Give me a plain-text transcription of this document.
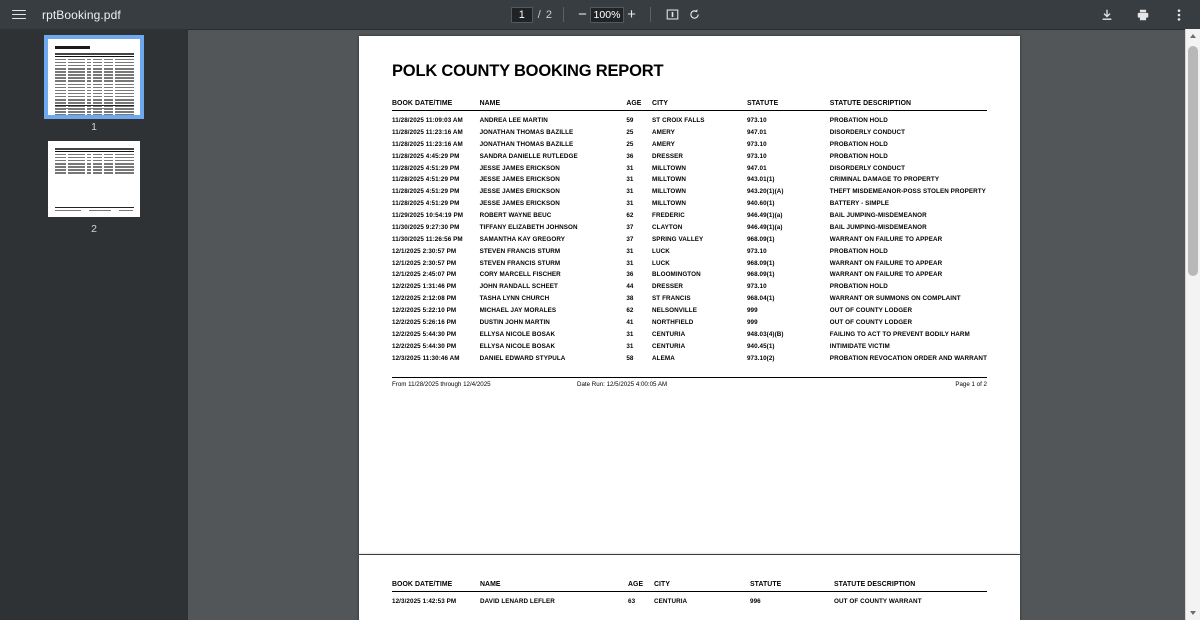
rptBooking.pdf	1	/ 2 − 100% +
1
2
POLK COUNTY BOOKING REPORT
BOOK DATE/TIME	NAME	AGE	CITY	STATUTE	STATUTE DESCRIPTION
11/28/2025 11:09:03 AM	ANDREA LEE MARTIN	59	ST CROIX FALLS	973.10	PROBATION HOLD
11/28/2025 11:23:16 AM	JONATHAN THOMAS BAZILLE	25	AMERY	947.01	DISORDERLY CONDUCT
11/28/2025 11:23:16 AM	JONATHAN THOMAS BAZILLE	25	AMERY	973.10	PROBATION HOLD
11/28/2025 4:45:29 PM	SANDRA DANIELLE RUTLEDGE	36	DRESSER	973.10	PROBATION HOLD
11/28/2025 4:51:29 PM	JESSE JAMES ERICKSON	31	MILLTOWN	947.01	DISORDERLY CONDUCT
11/28/2025 4:51:29 PM	JESSE JAMES ERICKSON	31	MILLTOWN	943.01(1)	CRIMINAL DAMAGE TO PROPERTY
11/28/2025 4:51:29 PM	JESSE JAMES ERICKSON	31	MILLTOWN	943.20(1)(A)	THEFT MISDEMEANOR-POSS STOLEN PROPERTY
11/28/2025 4:51:29 PM	JESSE JAMES ERICKSON	31	MILLTOWN	940.60(1)	BATTERY - SIMPLE
11/29/2025 10:54:19 PM	ROBERT WAYNE BEUC	62	FREDERIC	946.49(1)(a)	BAIL JUMPING-MISDEMEANOR
11/30/2025 9:27:30 PM	TIFFANY ELIZABETH JOHNSON	37	CLAYTON	946.49(1)(a)	BAIL JUMPING-MISDEMEANOR
11/30/2025 11:26:56 PM	SAMANTHA KAY GREGORY	37	SPRING VALLEY	968.09(1)	WARRANT ON FAILURE TO APPEAR
12/1/2025 2:30:57 PM	STEVEN FRANCIS STURM	31	LUCK	973.10	PROBATION HOLD
12/1/2025 2:30:57 PM	STEVEN FRANCIS STURM	31	LUCK	968.09(1)	WARRANT ON FAILURE TO APPEAR
12/1/2025 2:45:07 PM	CORY MARCELL FISCHER	36	BLOOMINGTON	968.09(1)	WARRANT ON FAILURE TO APPEAR
12/2/2025 1:31:46 PM	JOHN RANDALL SCHEET	44	DRESSER	973.10	PROBATION HOLD
12/2/2025 2:12:08 PM	TASHA LYNN CHURCH	38	ST FRANCIS	968.04(1)	WARRANT OR SUMMONS ON COMPLAINT
12/2/2025 5:22:10 PM	MICHAEL JAY MORALES	62	NELSONVILLE	999	OUT OF COUNTY LODGER
12/2/2025 5:26:16 PM	DUSTIN JOHN MARTIN	41	NORTHFIELD	999	OUT OF COUNTY LODGER
12/2/2025 5:44:30 PM	ELLYSA NICOLE BOSAK	31	CENTURIA	948.03(4)(B)	FAILING TO ACT TO PREVENT BODILY HARM
12/2/2025 5:44:30 PM	ELLYSA NICOLE BOSAK	31	CENTURIA	940.45(1)	INTIMIDATE VICTIM
12/3/2025 11:30:46 AM	DANIEL EDWARD STYPULA	58	ALEMA	973.10(2)	PROBATION REVOCATION ORDER AND WARRANT
From 11/28/2025 through 12/4/2025	Date Run: 12/5/2025 4:00:05 AM	Page 1 of 2
BOOK DATE/TIME	NAME	AGE	CITY	STATUTE	STATUTE DESCRIPTION
12/3/2025 1:42:53 PM	DAVID LENARD LEFLER	63	CENTURIA	996	OUT OF COUNTY WARRANT
